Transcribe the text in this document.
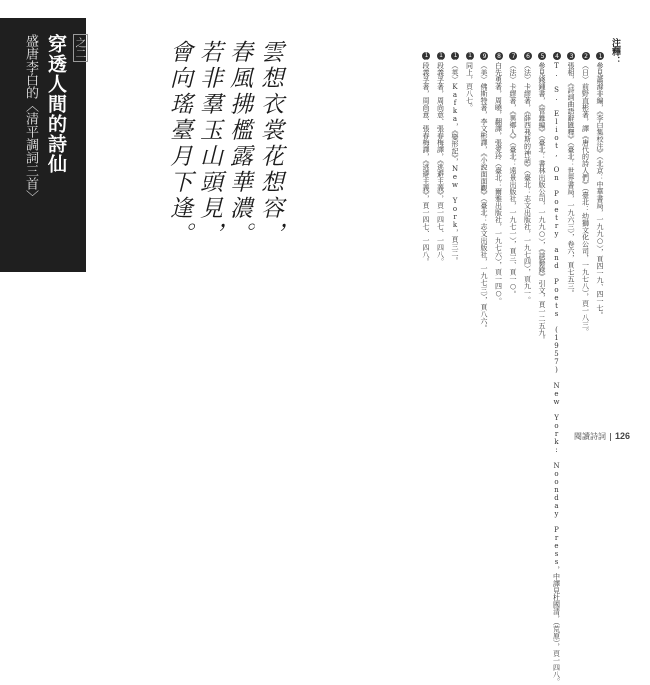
之二
穿透人間的詩仙
盛唐李白的〈清平調詞三首〉	雲想衣裳花想容，
春風拂檻露華濃。
若非羣玉山頭見，
會向瑤臺月下逢。	注釋：
1參見蕭滌非編，《李白集校注》（北京：中華書局，一九九○），頁四一九、四一七。
2（日）前野直彬著，譯《唐代的詩人們》（臺北：幼獅文化公司，一九七八），頁一八三。
3張相，《詩詞曲語辭匯釋》（臺北：世界書局，一九六三），卷六，頁七五三。
4T. S. Eliot, On Poetry and Poets (1957) New York: Noonday Press，中譯見杜國清，（荒原），頁一四八。
5參見錢鍾書，《管錐編》（臺北：書林出版公司，一九九○），《談藝錄》引文，頁一二五九。
6（法）卡繆著，《薛西弗斯的神話》（臺北：志文出版社，一九七四），頁九一。
7（法）卡繆著，《異鄉人》（臺北：遠景出版社，一九七一），頁三、頁一○。
8白先勇著，周曉，翻譯，張愛玲（臺北：爾雅出版社，一九七六），頁一四○。
9（美）佛斯特著，李文彬譯，《小說面面觀》（臺北：志文出版社，一九七三），頁八六。
10同上，頁八七。
11（英）Kafka，《變形記》，New York，頁三二。
12段義孚著，周尚意、張春梅譯，《逃避主義》，頁一四七、一四八。
13段義孚著，周尚意、張春梅譯，《逃避主義》，頁一四七、一四八。
閱讀詩詞 126
